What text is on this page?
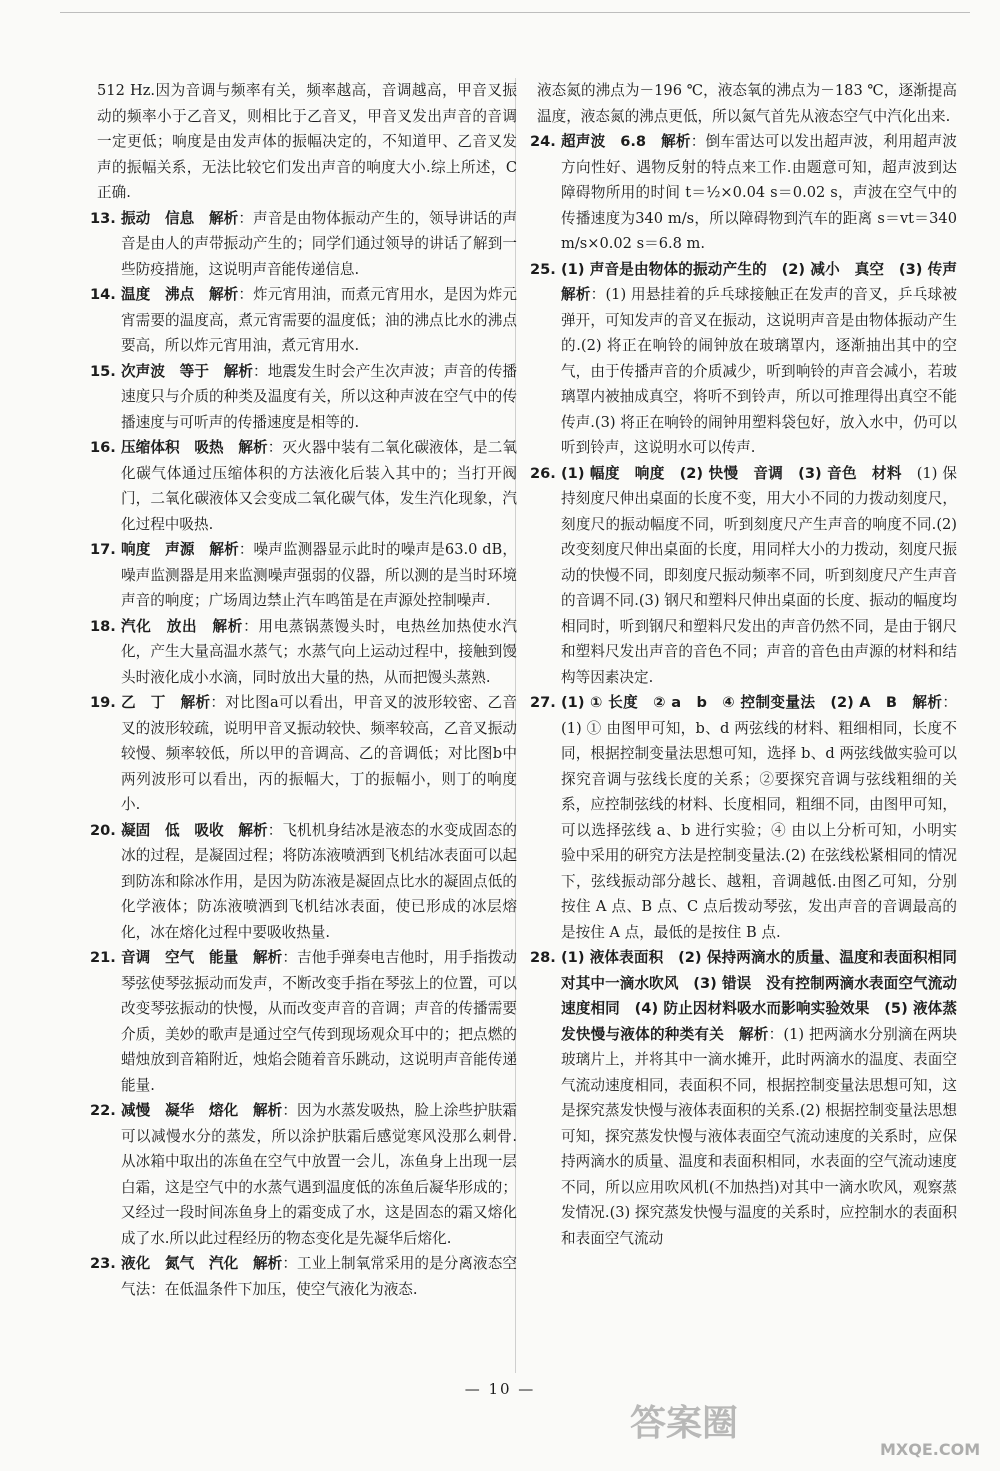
512 Hz.因为音调与频率有关，频率越高，音调越高，甲音叉振动的频率小于乙音叉，则相比于乙音叉，甲音叉发出声音的音调一定更低；响度是由发声体的振幅决定的，不知道甲、乙音叉发声的振幅关系，无法比较它们发出声音的响度大小.综上所述，C正确.

13. 振动　信息　 解析：声音是由物体振动产生的，领导讲话的声音是由人的声带振动产生的；同学们通过领导的讲话了解到一些防疫措施，这说明声音能传递信息.

14. 温度　沸点　 解析：炸元宵用油，而煮元宵用水，是因为炸元宵需要的温度高，煮元宵需要的温度低；油的沸点比水的沸点要高，所以炸元宵用油，煮元宵用水.

15. 次声波　等于　 解析：地震发生时会产生次声波；声音的传播速度只与介质的种类及温度有关，所以这种声波在空气中的传播速度与可听声的传播速度是相等的.

16. 压缩体积　吸热　 解析：灭火器中装有二氧化碳液体，是二氧化碳气体通过压缩体积的方法液化后装入其中的；当打开阀门，二氧化碳液体又会变成二氧化碳气体，发生汽化现象，汽化过程中吸热.

17. 响度　声源　 解析：噪声监测器显示此时的噪声是63.0 dB，噪声监测器是用来监测噪声强弱的仪器，所以测的是当时环境声音的响度；广场周边禁止汽车鸣笛是在声源处控制噪声.

18. 汽化　放出　 解析：用电蒸锅蒸馒头时，电热丝加热使水汽化，产生大量高温水蒸气；水蒸气向上运动过程中，接触到馒头时液化成小水滴，同时放出大量的热，从而把馒头蒸熟.

19. 乙　丁　 解析：对比图a可以看出，甲音叉的波形较密、乙音叉的波形较疏，说明甲音叉振动较快、频率较高，乙音叉振动较慢、频率较低，所以甲的音调高、乙的音调低；对比图b中两列波形可以看出，丙的振幅大，丁的振幅小，则丁的响度小.

20. 凝固　低　吸收　 解析：飞机机身结冰是液态的水变成固态的冰的过程，是凝固过程；将防冻液喷洒到飞机结冰表面可以起到防冻和除冰作用，是因为防冻液是凝固点比水的凝固点低的化学液体；防冻液喷洒到飞机结冰表面，使已形成的冰层熔化，冰在熔化过程中要吸收热量.

21. 音调　空气　能量　 解析：吉他手弹奏电吉他时，用手指拨动琴弦使琴弦振动而发声，不断改变手指在琴弦上的位置，可以改变琴弦振动的快慢，从而改变声音的音调；声音的传播需要介质，美妙的歌声是通过空气传到现场观众耳中的；把点燃的蜡烛放到音箱附近，烛焰会随着音乐跳动，这说明声音能传递能量.

22. 减慢　凝华　熔化　 解析：因为水蒸发吸热，脸上涂些护肤霜可以减慢水分的蒸发，所以涂护肤霜后感觉寒风没那么刺骨.从冰箱中取出的冻鱼在空气中放置一会儿，冻鱼身上出现一层白霜，这是空气中的水蒸气遇到温度低的冻鱼后凝华形成的；又经过一段时间冻鱼身上的霜变成了水，这是固态的霜又熔化成了水.所以此过程经历的物态变化是先凝华后熔化.

23. 液化　氮气　汽化　 解析：工业上制氧常采用的是分离液态空气法：在低温条件下加压，使空气液化为液态.

液态氮的沸点为－196 ℃，液态氧的沸点为－183 ℃，逐渐提高温度，液态氮的沸点更低，所以氮气首先从液态空气中汽化出来.

24. 超声波　6.8　 解析：倒车雷达可以发出超声波，利用超声波方向性好、遇物反射的特点来工作.由题意可知，超声波到达障碍物所用的时间 t＝½×0.04 s＝0.02 s，声波在空气中的传播速度为340 m/s，所以障碍物到汽车的距离 s＝vt＝340 m/s×0.02 s＝6.8 m.

25. (1) 声音是由物体的振动产生的　(2) 减小　真空　(3) 传声　解析：(1) 用悬挂着的乒乓球接触正在发声的音叉，乒乓球被弹开，可知发声的音叉在振动，这说明声音是由物体振动产生的.(2) 将正在响铃的闹钟放在玻璃罩内，逐渐抽出其中的空气，由于传播声音的介质减少，听到响铃的声音会减小，若玻璃罩内被抽成真空，将听不到铃声，所以可推理得出真空不能传声.(3) 将正在响铃的闹钟用塑料袋包好，放入水中，仍可以听到铃声，这说明水可以传声.

26. (1) 幅度　响度　(2) 快慢　音调　(3) 音色　材料　 (1) 保持刻度尺伸出桌面的长度不变，用大小不同的力拨动刻度尺，刻度尺的振动幅度不同，听到刻度尺产生声音的响度不同.(2) 改变刻度尺伸出桌面的长度，用同样大小的力拨动，刻度尺振动的快慢不同，即刻度尺振动频率不同，听到刻度尺产生声音的音调不同.(3) 钢尺和塑料尺伸出桌面的长度、振动的幅度均相同时，听到钢尺和塑料尺发出的声音仍然不同，是由于钢尺和塑料尺发出声音的音色不同；声音的音色由声源的材料和结构等因素决定.

27. (1) ① 长度　② a　b　④ 控制变量法　(2) A　B　 解析：(1) ① 由图甲可知，b、d 两弦线的材料、粗细相同，长度不同，根据控制变量法思想可知，选择 b、d 两弦线做实验可以探究音调与弦线长度的关系；②要探究音调与弦线粗细的关系，应控制弦线的材料、长度相同，粗细不同，由图甲可知，可以选择弦线 a、b 进行实验；④ 由以上分析可知，小明实验中采用的研究方法是控制变量法.(2) 在弦线松紧相同的情况下，弦线振动部分越长、越粗，音调越低.由图乙可知，分别按住 A 点、B 点、C 点后拨动琴弦，发出声音的音调最高的是按住 A 点，最低的是按住 B 点.

28. (1) 液体表面积　(2) 保持两滴水的质量、温度和表面积相同　对其中一滴水吹风　(3) 错误　没有控制两滴水表面空气流动速度相同　(4) 防止因材料吸水而影响实验效果　(5) 液体蒸发快慢与液体的种类有关　 解析：(1) 把两滴水分别滴在两块玻璃片上，并将其中一滴水摊开，此时两滴水的温度、表面空气流动速度相同，表面积不同，根据控制变量法思想可知，这是探究蒸发快慢与液体表面积的关系.(2) 根据控制变量法思想可知，探究蒸发快慢与液体表面空气流动速度的关系时，应保持两滴水的质量、温度和表面积相同，水表面的空气流动速度不同，所以应用吹风机(不加热挡)对其中一滴水吹风，观察蒸发情况.(3) 探究蒸发快慢与温度的关系时，应控制水的表面积和表面空气流动

— 10 —
答案圈
MXQE.COM
